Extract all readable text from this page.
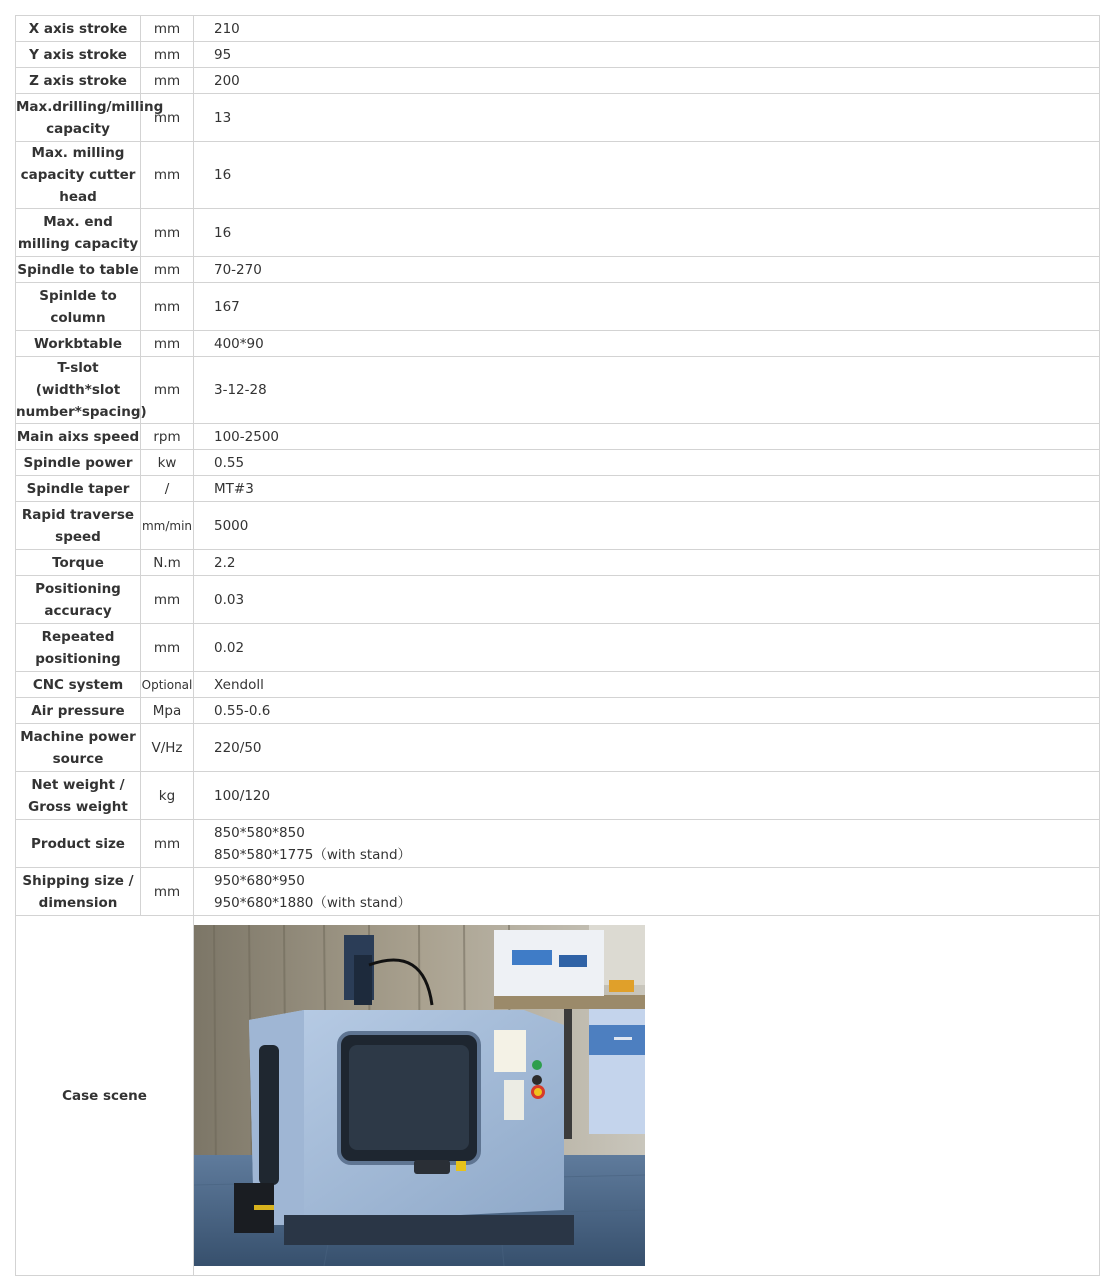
X axis stroke	mm	210
Y axis stroke	mm	95
Z axis stroke	mm	200
Max.drilling/milling capacity	mm	13
Max. milling capacity cutter head	mm	16
Max. end milling capacity	mm	16
Spindle to table	mm	70-270
Spinlde to column	mm	167
Workbtable	mm	400*90
T-slot (width*slot number*spacing)	mm	3-12-28
Main aixs speed	rpm	100-2500
Spindle power	kw	0.55
Spindle taper	/	MT#3
Rapid traverse speed	mm/min	5000
Torque	N.m	2.2
Positioning accuracy	mm	0.03
Repeated positioning	mm	0.02
CNC system	Optional	Xendoll
Air pressure	Mpa	0.55-0.6
Machine power source	V/Hz	220/50
Net weight / Gross weight	kg	100/120
Product size	mm	850*580*850
850*580*1775（with stand）

Shipping size / dimension	mm	950*680*950
950*680*1880（with stand）

Case scene	
